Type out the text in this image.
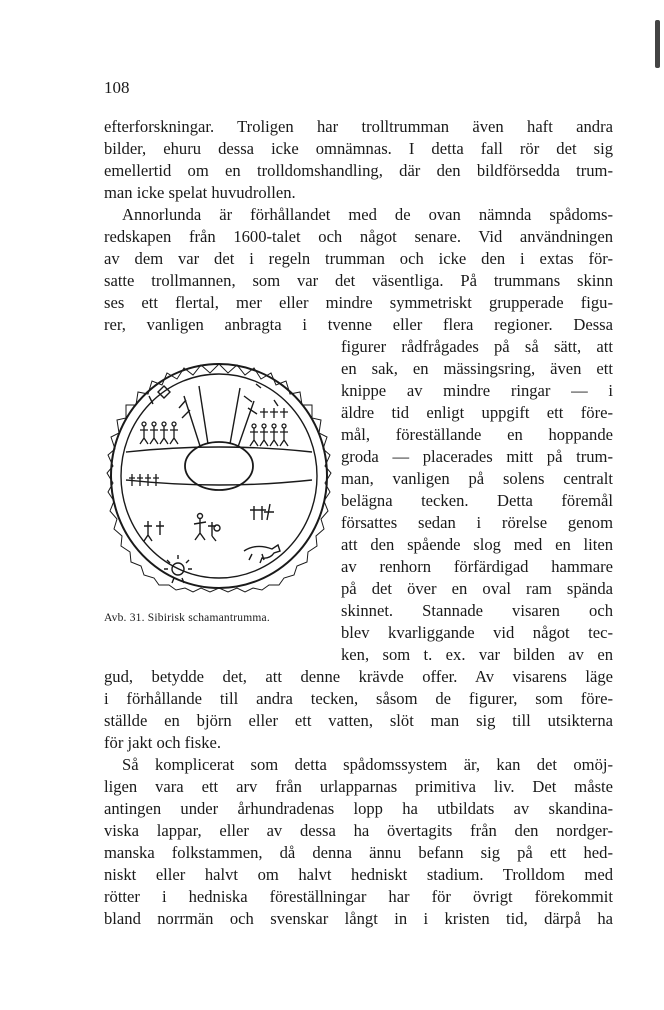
108
efterforskningar. Troligen har trolltrumman även haft andra
bilder, ehuru dessa icke omnämnas. I detta fall rör det sig
emellertid om en trolldomshandling, där den bildförsedda trum-
man icke spelat huvudrollen.
Annorlunda är förhållandet med de ovan nämnda spådoms-
redskapen från 1600-talet och något senare. Vid användningen
av dem var det i regeln trumman och icke den i extas för-
satte trollmannen, som var det väsentliga. På trummans skinn
ses ett flertal, mer eller mindre symmetriskt grupperade figu-
rer, vanligen anbragta i tvenne eller flera regioner. Dessa
figurer rådfrågades på så sätt, att
en sak, en mässingsring, även ett
knippe av mindre ringar — i
äldre tid enligt uppgift ett före-
mål, föreställande en hoppande
groda — placerades mitt på trum-
man, vanligen på solens centralt
belägna tecken. Detta föremål
försattes sedan i rörelse genom
att den spående slog med en liten
av renhorn förfärdigad hammare
på det över en oval ram spända
skinnet. Stannade visaren och
blev kvarliggande vid något tec-
ken, som t. ex. var bilden av en
Avb. 31. Sibirisk schamantrumma.
gud, betydde det, att denne krävde offer. Av visarens läge
i förhållande till andra tecken, såsom de figurer, som före-
ställde en björn eller ett vatten, slöt man sig till utsikterna
för jakt och fiske.
Så komplicerat som detta spådomssystem är, kan det omöj-
ligen vara ett arv från urlapparnas primitiva liv. Det måste
antingen under århundradenas lopp ha utbildats av skandina-
viska lappar, eller av dessa ha övertagits från den nordger-
manska folkstammen, då denna ännu befann sig på ett hed-
niskt eller halvt om halvt hedniskt stadium. Trolldom med
rötter i hedniska föreställningar har för övrigt förekommit
bland norrmän och svenskar långt in i kristen tid, därpå ha
